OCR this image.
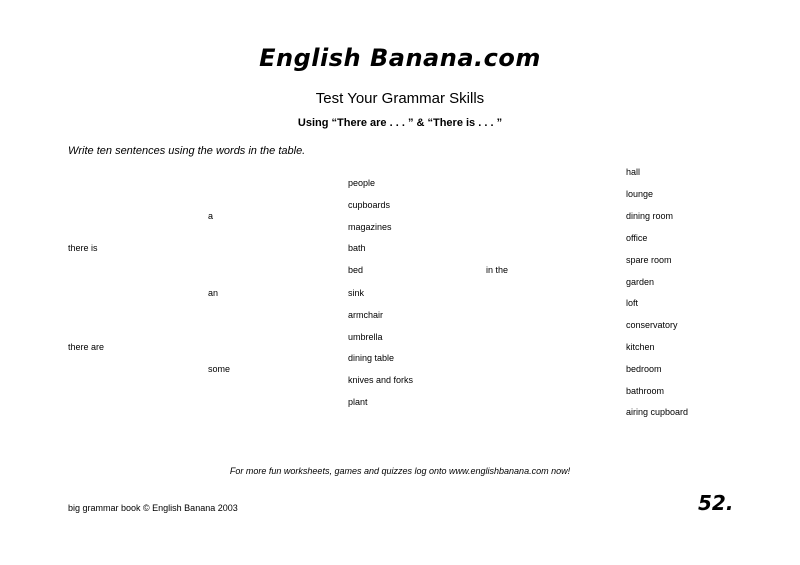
English Banana.com
Test Your Grammar Skills
Using “There are . . . ” & “There is . . . ”
Write ten sentences using the words in the table.
there is
there are
a
an
some
people
cupboards
magazines
bath
bed
sink
armchair
umbrella
dining table
knives and forks
plant
in the
hall
lounge
dining room
office
spare room
garden
loft
conservatory
kitchen
bedroom
bathroom
airing cupboard
For more fun worksheets, games and quizzes log onto www.englishbanana.com now!
big grammar book © English Banana 2003	52.
